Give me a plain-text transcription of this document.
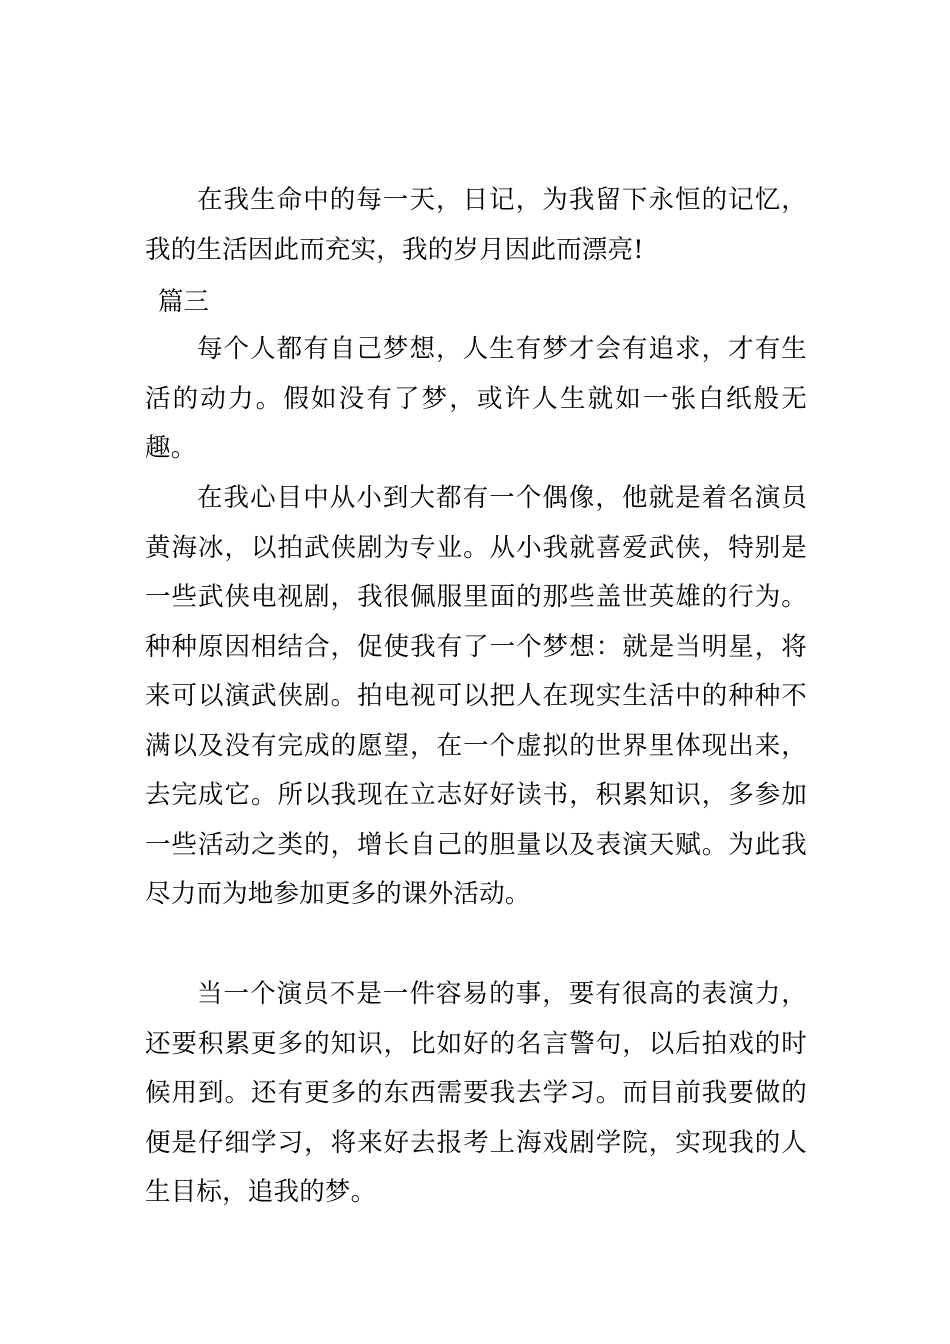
在我生命中的每一天，日记，为我留下永恒的记忆，我的生活因此而充实，我的岁月因此而漂亮!

篇三

每个人都有自己梦想，人生有梦才会有追求，才有生活的动力。假如没有了梦，或许人生就如一张白纸般无趣。

在我心目中从小到大都有一个偶像，他就是着名演员黄海冰，以拍武侠剧为专业。从小我就喜爱武侠，特别是一些武侠电视剧，我很佩服里面的那些盖世英雄的行为。种种原因相结合，促使我有了一个梦想：就是当明星，将来可以演武侠剧。拍电视可以把人在现实生活中的种种不满以及没有完成的愿望，在一个虚拟的世界里体现出来，去完成它。所以我现在立志好好读书，积累知识，多参加一些活动之类的，增长自己的胆量以及表演天赋。为此我尽力而为地参加更多的课外活动。

当一个演员不是一件容易的事，要有很高的表演力，还要积累更多的知识，比如好的名言警句，以后拍戏的时候用到。还有更多的东西需要我去学习。而目前我要做的便是仔细学习，将来好去报考上海戏剧学院，实现我的人生目标，追我的梦。
